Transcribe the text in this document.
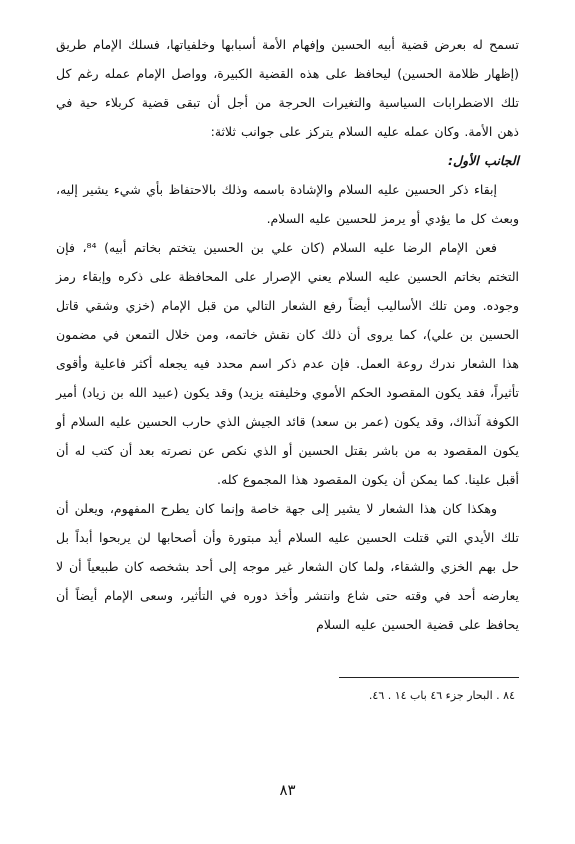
تسمح له بعرض قضية أبيه الحسين وإفهام الأمة أسبابها وخلفياتها، فسلك الإمام طريق (إظهار ظلامة الحسين) ليحافظ على هذه القضية الكبيرة، وواصل الإمام عمله رغم كل تلك الاضطرابات السياسية والتغيرات الحرجة من أجل أن تبقى قضية كربلاء حية في ذهن الأمة. وكان عمله عليه السلام يتركز على جوانب ثلاثة:

الجانب الأول:

إبقاء ذكر الحسين عليه السلام والإشادة باسمه وذلك بالاحتفاظ بأي شيء يشير إليه، وبعث كل ما يؤدي أو يرمز للحسين عليه السلام.

فعن الإمام الرضا عليه السلام (كان علي بن الحسين يتختم بخاتم أبيه) ⁸⁴، فإن التختم بخاتم الحسين عليه السلام يعني الإصرار على المحافظة على ذكره وإبقاء رمز وجوده. ومن تلك الأساليب أيضاً رفع الشعار التالي من قبل الإمام (خزي وشقي قاتل الحسين بن علي)، كما يروى أن ذلك كان نقش خاتمه، ومن خلال التمعن في مضمون هذا الشعار ندرك روعة العمل. فإن عدم ذكر اسم محدد فيه يجعله أكثر فاعلية وأقوى تأثيراً، فقد يكون المقصود الحكم الأموي وخليفته يزيد) وقد يكون (عبيد الله بن زياد) أمير الكوفة آنذاك، وقد يكون (عمر بن سعد) قائد الجيش الذي حارب الحسين عليه السلام أو يكون المقصود به من باشر بقتل الحسين أو الذي نكص عن نصرته بعد أن كتب له أن أقبل علينا. كما يمكن أن يكون المقصود هذا المجموع كله.

وهكذا كان هذا الشعار لا يشير إلى جهة خاصة وإنما كان يطرح المفهوم، ويعلن أن تلك الأيدي التي قتلت الحسين عليه السلام أيد مبتورة وأن أصحابها لن يربحوا أبداً بل حل بهم الخزي والشقاء، ولما كان الشعار غير موجه إلى أحد بشخصه كان طبيعياً أن لا يعارضه أحد في وقته حتى شاع وانتشر وأخذ دوره في التأثير، وسعى الإمام أيضاً أن يحافظ على قضية الحسين عليه السلام

٨٤ . البحار جزء ٤٦ باب ١٤ . ٤٦.
٨٣
